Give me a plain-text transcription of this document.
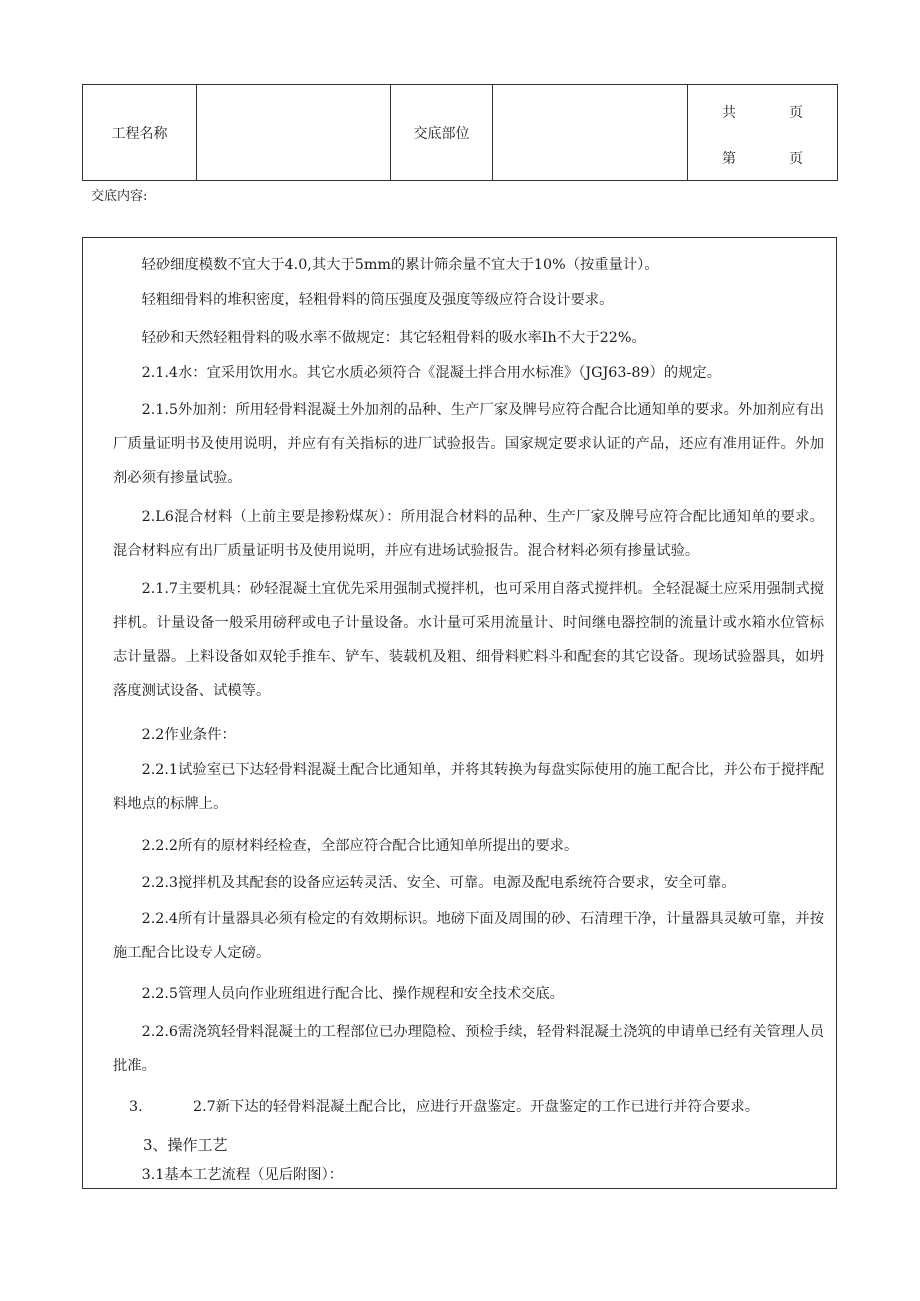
工程名称		交底部位		
共	页
第	页
交底内容:
轻砂细度模数不宜大于4.0,其大于5mm的累计筛余量不宜大于10%（按重量计）。
轻粗细骨料的堆积密度，轻粗骨料的筒压强度及强度等级应符合设计要求。
轻砂和天然轻粗骨料的吸水率不做规定：其它轻粗骨料的吸水率Ih不大于22%。
2.1.4水：宜采用饮用水。其它水质必须符合《混凝土拌合用水标准》（JGJ63-89）的规定。
2.1.5外加剂：所用轻骨料混凝土外加剂的品种、生产厂家及牌号应符合配合比通知单的要求。外加剂应有出厂质量证明书及使用说明，并应有有关指标的进厂试验报告。国家规定要求认证的产品，还应有准用证件。外加剂必须有掺量试验。
2.L6混合材料（上前主要是掺粉煤灰）：所用混合材料的品种、生产厂家及牌号应符合配比通知单的要求。混合材料应有出厂质量证明书及使用说明，并应有进场试验报告。混合材料必须有掺量试验。
2.1.7主要机具：砂轻混凝土宜优先采用强制式搅拌机，也可采用自落式搅拌机。全轻混凝土应采用强制式搅拌机。计量设备一般采用磅秤或电子计量设备。水计量可采用流量计、时间继电器控制的流量计或水箱水位管标志计量器。上料设备如双轮手推车、铲车、装载机及粗、细骨料贮料斗和配套的其它设备。现场试验器具，如坍落度测试设备、试模等。
2.2作业条件：
2.2.1试验室已下达轻骨料混凝土配合比通知单，并将其转换为每盘实际使用的施工配合比，并公布于搅拌配料地点的标牌上。
2.2.2所有的原材料经检查，全部应符合配合比通知单所提出的要求。
2.2.3搅拌机及其配套的设备应运转灵活、安全、可靠。电源及配电系统符合要求，安全可靠。
2.2.4所有计量器具必须有检定的有效期标识。地磅下面及周围的砂、石清理干净，计量器具灵敏可靠，并按施工配合比设专人定磅。
2.2.5管理人员向作业班组进行配合比、操作规程和安全技术交底。
2.2.6需浇筑轻骨料混凝土的工程部位已办理隐检、预检手续，轻骨料混凝土浇筑的申请单已经有关管理人员批准。
3.	2.7新下达的轻骨料混凝土配合比，应进行开盘鉴定。开盘鉴定的工作已进行并符合要求。
3、操作工艺
3.1基本工艺流程（见后附图）：
